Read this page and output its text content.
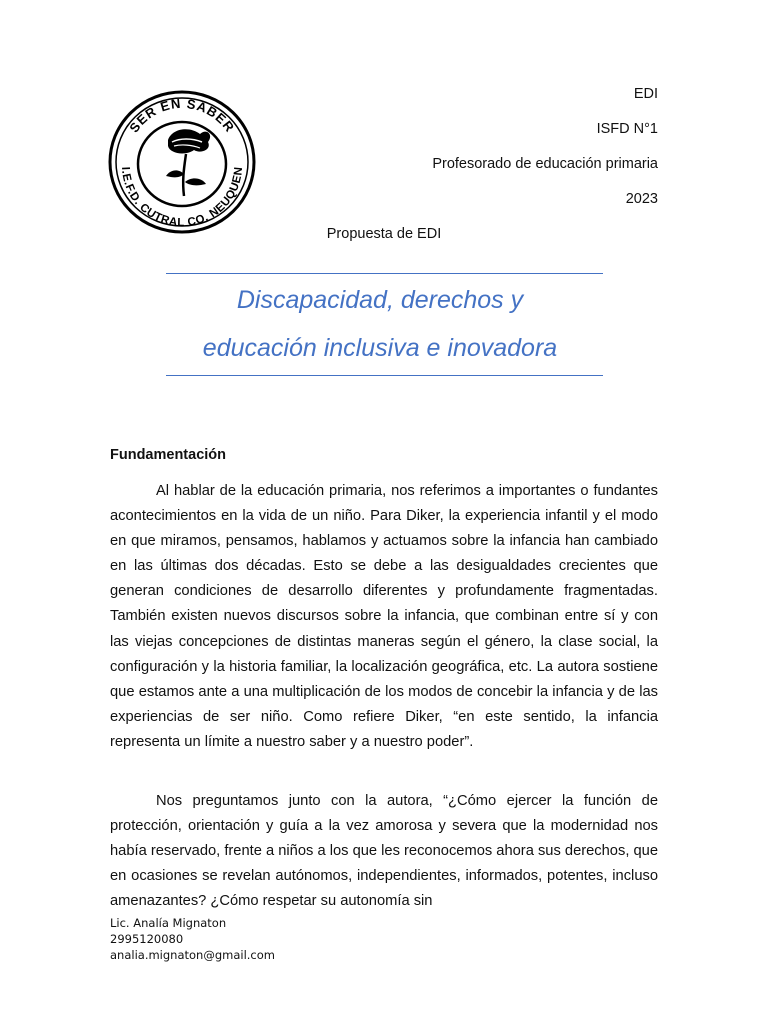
SER EN SABER
I.E.F.D. CUTRAL CO. NEUQUEN

EDI

ISFD N°1

Profesorado de educación primaria

2023

Propuesta de EDI

Discapacidad, derechos y
educación inclusiva e inovadora
Fundamentación

Al hablar de la educación primaria, nos referimos a importantes o fundantes acontecimientos en la vida de un niño. Para Diker, la experiencia infantil y el modo en que miramos, pensamos, hablamos y actuamos sobre la infancia han cambiado en las últimas dos décadas. Esto se debe a las desigualdades crecientes que generan condiciones de desarrollo diferentes y profundamente fragmentadas. También existen nuevos discursos sobre la infancia, que combinan entre sí y con las viejas concepciones de distintas maneras según el género, la clase social, la configuración y la historia familiar, la localización geográfica, etc. La autora sostiene que estamos ante a una multiplicación de los modos de concebir la infancia y de las experiencias de ser niño. Como refiere Diker, “en este sentido, la infancia representa un límite a nuestro saber y a nuestro poder”.

Nos preguntamos junto con la autora, “¿Cómo ejercer la función de protección, orientación y guía a la vez amorosa y severa que la modernidad nos había reservado, frente a niños a los que les reconocemos ahora sus derechos, que en ocasiones se revelan autónomos, independientes, informados, potentes, incluso amenazantes? ¿Cómo respetar su autonomía sin

Lic. Analía Mignaton
2995120080
analia.mignaton@gmail.com
